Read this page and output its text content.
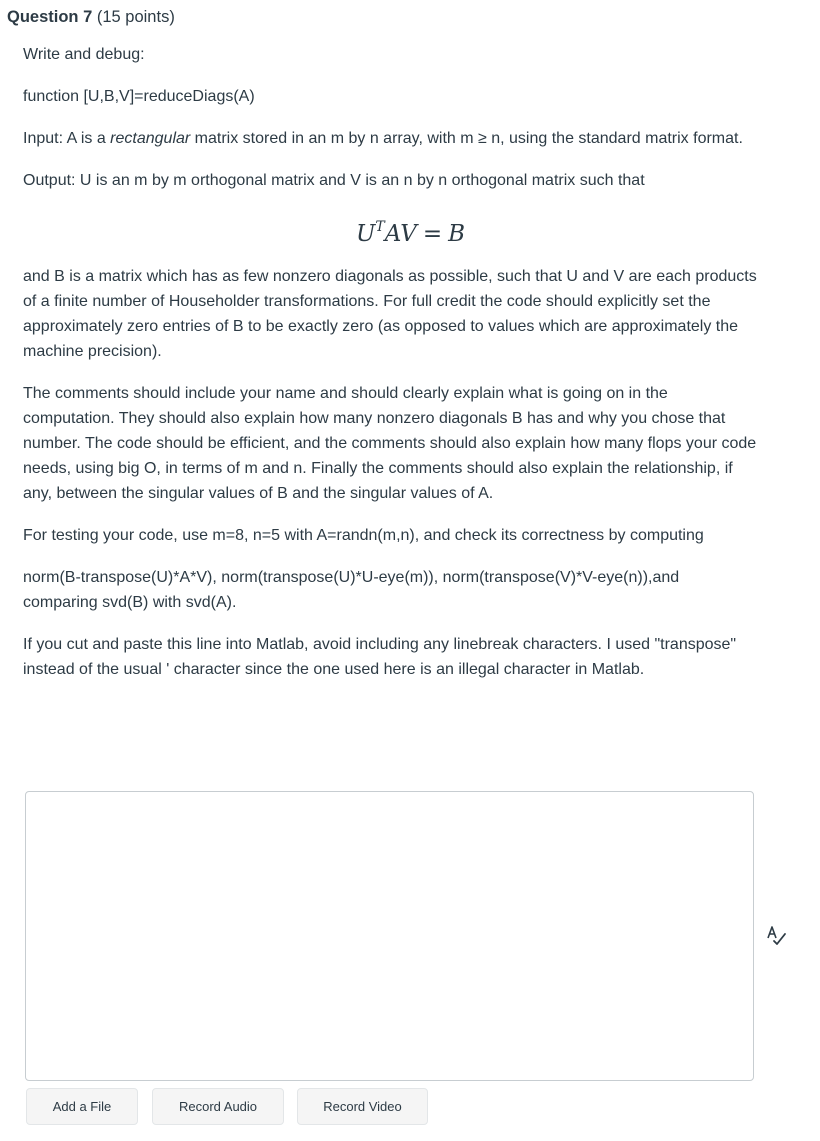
Question 7 (15 points)

Write and debug:

function [U,B,V]=reduceDiags(A)

Input: A is a rectangular matrix stored in an m by n array, with m ≥ n, using the standard matrix format.

Output: U is an m by m orthogonal matrix and V is an n by n orthogonal matrix such that

$U^TAV = B$

and B is a matrix which has as few nonzero diagonals as possible, such that U and V are each products of a finite number of Householder transformations. For full credit the code should explicitly set the approximately zero entries of B to be exactly zero (as opposed to values which are approximately the machine precision).

The comments should include your name and should clearly explain what is going on in the computation. They should also explain how many nonzero diagonals B has and why you chose that number. The code should be efficient, and the comments should also explain how many flops your code needs, using big O, in terms of m and n. Finally the comments should also explain the relationship, if any, between the singular values of B and the singular values of A.

For testing your code, use m=8, n=5 with A=randn(m,n), and check its correctness by computing

norm(B-transpose(U)*A*V), norm(transpose(U)*U-eye(m)), norm(transpose(V)*V-eye(n)),and comparing svd(B) with svd(A).

If you cut and paste this line into Matlab, avoid including any linebreak characters. I used "transpose" instead of the usual ' character since the one used here is an illegal character in Matlab.

Add a File	Record Audio	Record Video
